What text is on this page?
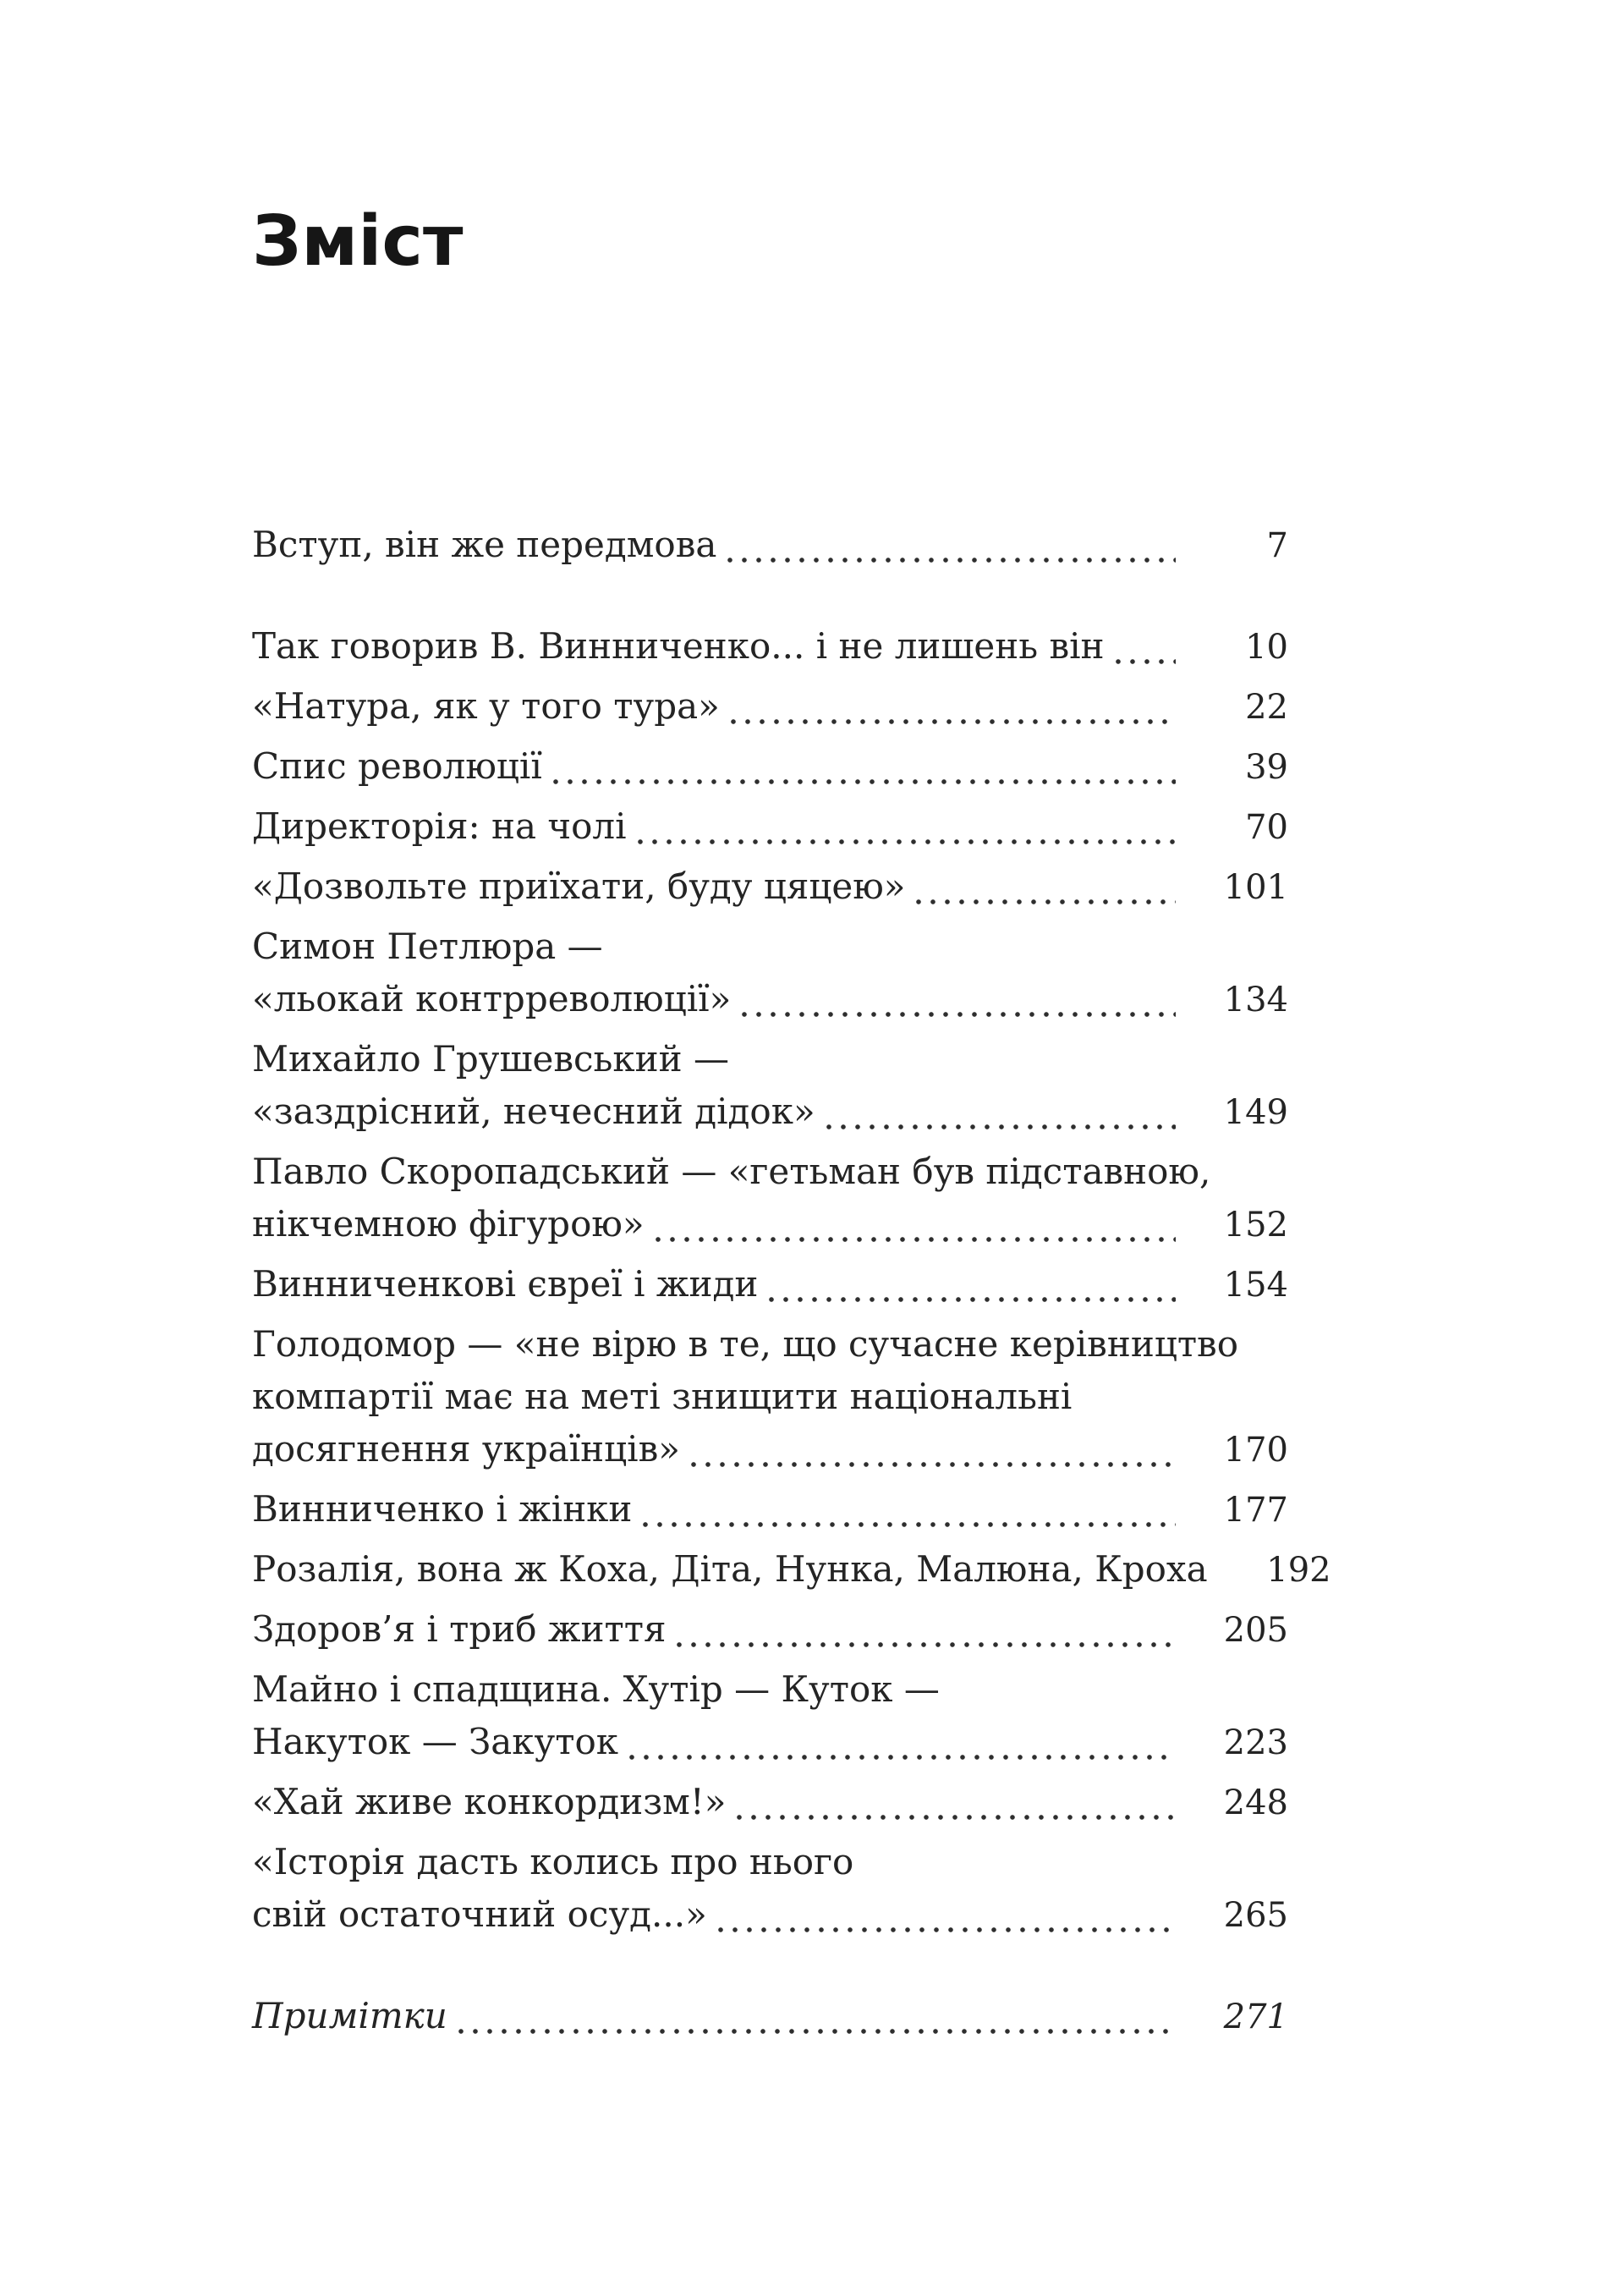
Зміст
Вступ, він же передмова	7
Так говорив В. Винниченко... і не лишень він	10
«Натура, як у того тура»	22
Спис революції	39
Директорія: на чолі	70
«Дозвольте приїхати, буду цяцею»	101
Симон Петлюра —
«льокай контрреволюції»	134
Михайло Грушевський —
«заздрісний, нечесний дідок»	149
Павло Скоропадський — «гетьман був підставною,
нікчемною фігурою»	152
Винниченкові євреї і жиди	154
Голодомор — «не вірю в те, що сучасне керівництво
компартії має на меті знищити національні
досягнення українців»	170
Винниченко і жінки	177
Розалія, вона ж Коха, Діта, Нунка, Малюна, Кроха	192
Здоров’я і триб життя	205
Майно і спадщина. Хутір — Куток —
Накуток — Закуток	223
«Хай живе конкордизм!»	248
«Історія дасть колись про нього
свій остаточний осуд...»	265
Примітки	271
